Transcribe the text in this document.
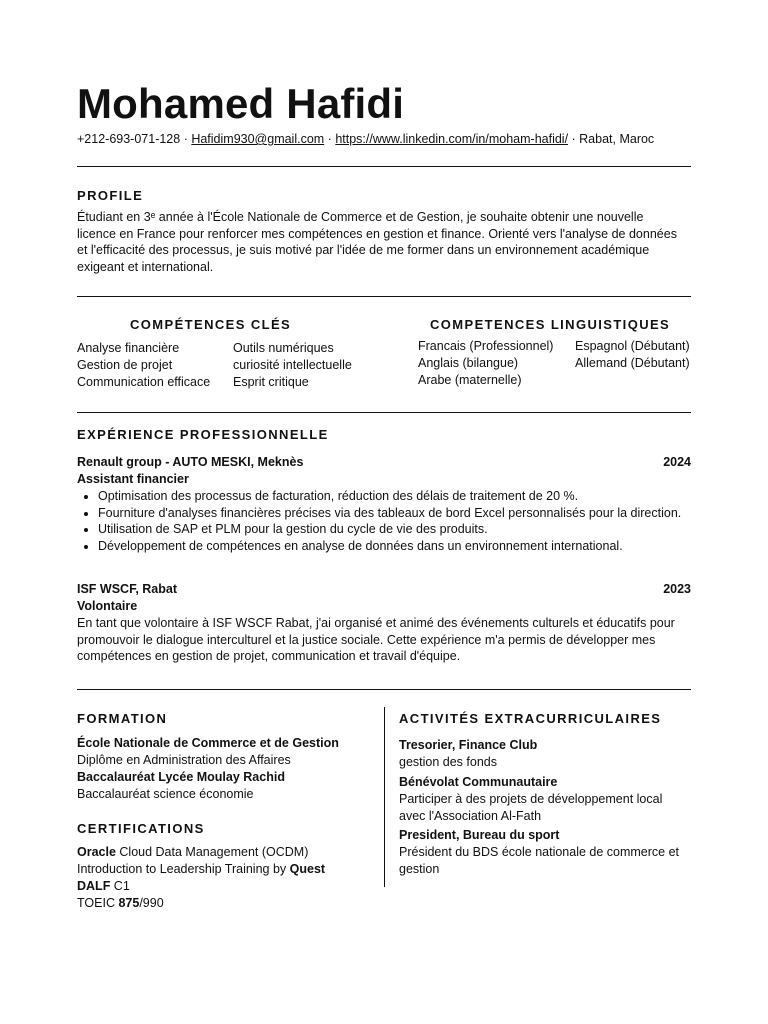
Mohamed Hafidi
+212-693-071-128 · Hafidim930@gmail.com · https://www.linkedin.com/in/moham-hafidi/ · Rabat, Maroc
PROFILE
Étudiant en 3ᵉ année à l'École Nationale de Commerce et de Gestion, je souhaite obtenir une nouvelle
licence en France pour renforcer mes compétences en gestion et finance. Orienté vers l'analyse de données
et l'efficacité des processus, je suis motivé par l'idée de me former dans un environnement académique
exigeant et international.
COMPÉTENCES CLÉS
Analyse financière
Gestion de projet
Communication efficace
Outils numériques
curiosité intellectuelle
Esprit critique
COMPETENCES LINGUISTIQUES
Francais (Professionnel)
Anglais (bilangue)
Arabe (maternelle)
Espagnol (Débutant)
Allemand (Débutant)
EXPÉRIENCE PROFESSIONNELLE
Renault group - AUTO MESKI, Meknès	2024
Assistant financier
• Optimisation des processus de facturation, réduction des délais de traitement de 20 %.
• Fourniture d'analyses financières précises via des tableaux de bord Excel personnalisés pour la direction.
• Utilisation de SAP et PLM pour la gestion du cycle de vie des produits.
• Développement de compétences en analyse de données dans un environnement international.
ISF WSCF, Rabat	2023
Volontaire
En tant que volontaire à ISF WSCF Rabat, j'ai organisé et animé des événements culturels et éducatifs pour
promouvoir le dialogue interculturel et la justice sociale. Cette expérience m'a permis de développer mes
compétences en gestion de projet, communication et travail d'équipe.
FORMATION
École Nationale de Commerce et de Gestion
Diplôme en Administration des Affaires
Baccalauréat Lycée Moulay Rachid
Baccalauréat science économie
CERTIFICATIONS
Oracle Cloud Data Management (OCDM)
Introduction to Leadership Training by Quest
DALF C1
TOEIC 875/990
ACTIVITÉS EXTRACURRICULAIRES
Tresorier, Finance Club
gestion des fonds
Bénévolat Communautaire
Participer à des projets de développement local
avec l'Association Al-Fath
President, Bureau du sport
Président du BDS école nationale de commerce et
gestion
